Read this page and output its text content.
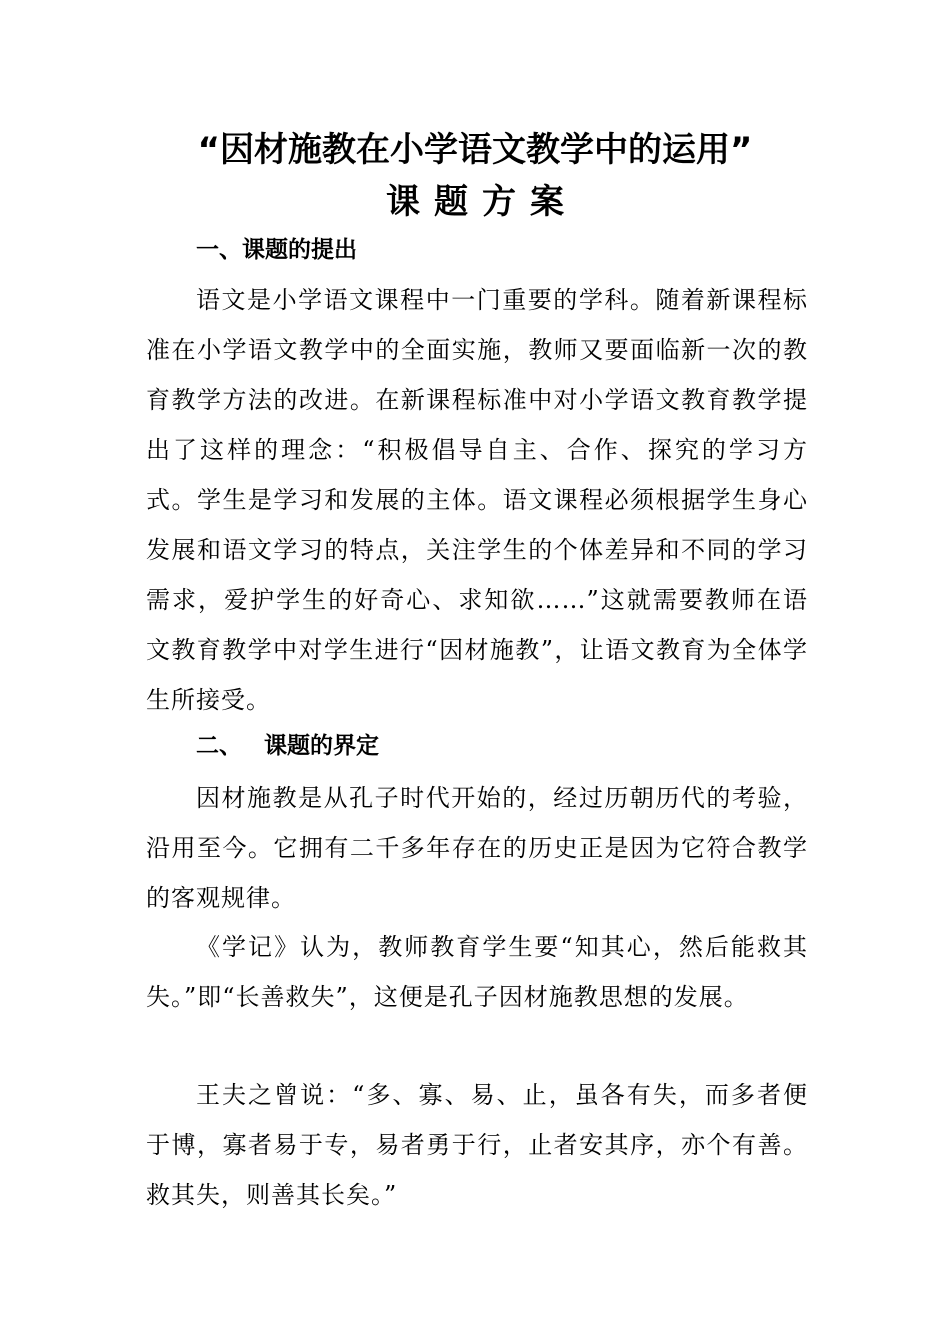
“因材施教在小学语文教学中的运用”
课题方案
一、课题的提出

语文是小学语文课程中一门重要的学科。随着新课程标准在小学语文教学中的全面实施，教师又要面临新一次的教育教学方法的改进。在新课程标准中对小学语文教育教学提出了这样的理念：“积极倡导自主、合作、探究的学习方式。学生是学习和发展的主体。语文课程必须根据学生身心发展和语文学习的特点，关注学生的个体差异和不同的学习需求，爱护学生的好奇心、求知欲……”这就需要教师在语文教育教学中对学生进行“因材施教”，让语文教育为全体学生所接受。

二、 课题的界定

因材施教是从孔子时代开始的，经过历朝历代的考验，沿用至今。它拥有二千多年存在的历史正是因为它符合教学的客观规律。

《学记》认为，教师教育学生要“知其心，然后能救其失。”即“长善救失”，这便是孔子因材施教思想的发展。

王夫之曾说：“多、寡、易、止，虽各有失，而多者便于博，寡者易于专，易者勇于行，止者安其序，亦个有善。救其失，则善其长矣。”
